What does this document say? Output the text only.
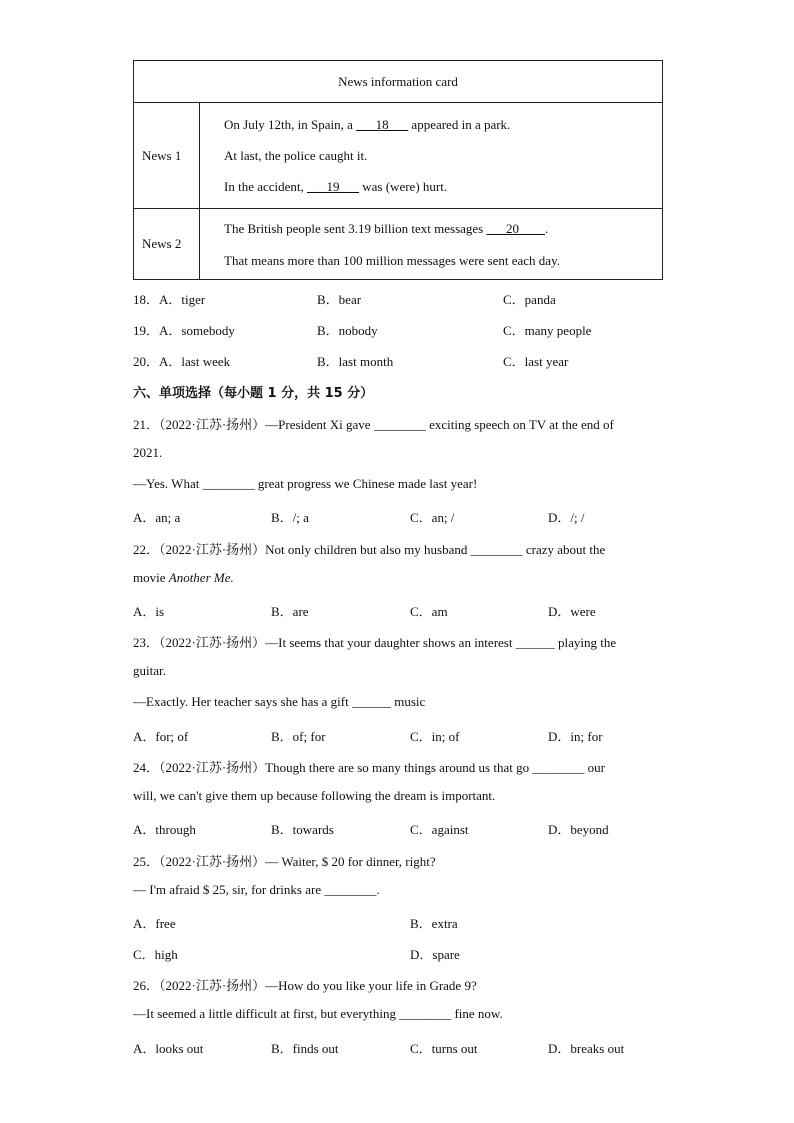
News information card
News 1
On July 12th, in Spain, a ___18___ appeared in a park.
At last, the police caught it.
In the accident, ___19___ was (were) hurt.
News 2
The British people sent 3.19 billion text messages ___20____.
That means more than 100 million messages were sent each day.
18．A．tiger	B．bear	C．panda
19．A．somebody	B．nobody	C．many people
20．A．last week	B．last month	C．last year
六、单项选择（每小题 1 分，共 15 分）
21．（2022·江苏·扬州）—President Xi gave ________ exciting speech on TV at the end of
2021.
—Yes. What ________ great progress we Chinese made last year!
A．an; a	B．/; a	C．an; /	D．/; /
22．（2022·江苏·扬州）Not only children but also my husband ________ crazy about the
movie Another Me.
A．is	B．are	C．am	D．were
23．（2022·江苏·扬州）—It seems that your daughter shows an interest ______ playing the
guitar.
—Exactly. Her teacher says she has a gift ______ music
A．for; of	B．of; for	C．in; of	D．in; for
24．（2022·江苏·扬州）Though there are so many things around us that go ________ our
will, we can't give them up because following the dream is important.
A．through	B．towards	C．against	D．beyond
25．（2022·江苏·扬州）— Waiter, $ 20 for dinner, right?
— I'm afraid $ 25, sir, for drinks are ________.
A．free	B．extra
C．high	D．spare
26．（2022·江苏·扬州）—How do you like your life in Grade 9?
—It seemed a little difficult at first, but everything ________ fine now.
A．looks out	B．finds out	C．turns out	D．breaks out
